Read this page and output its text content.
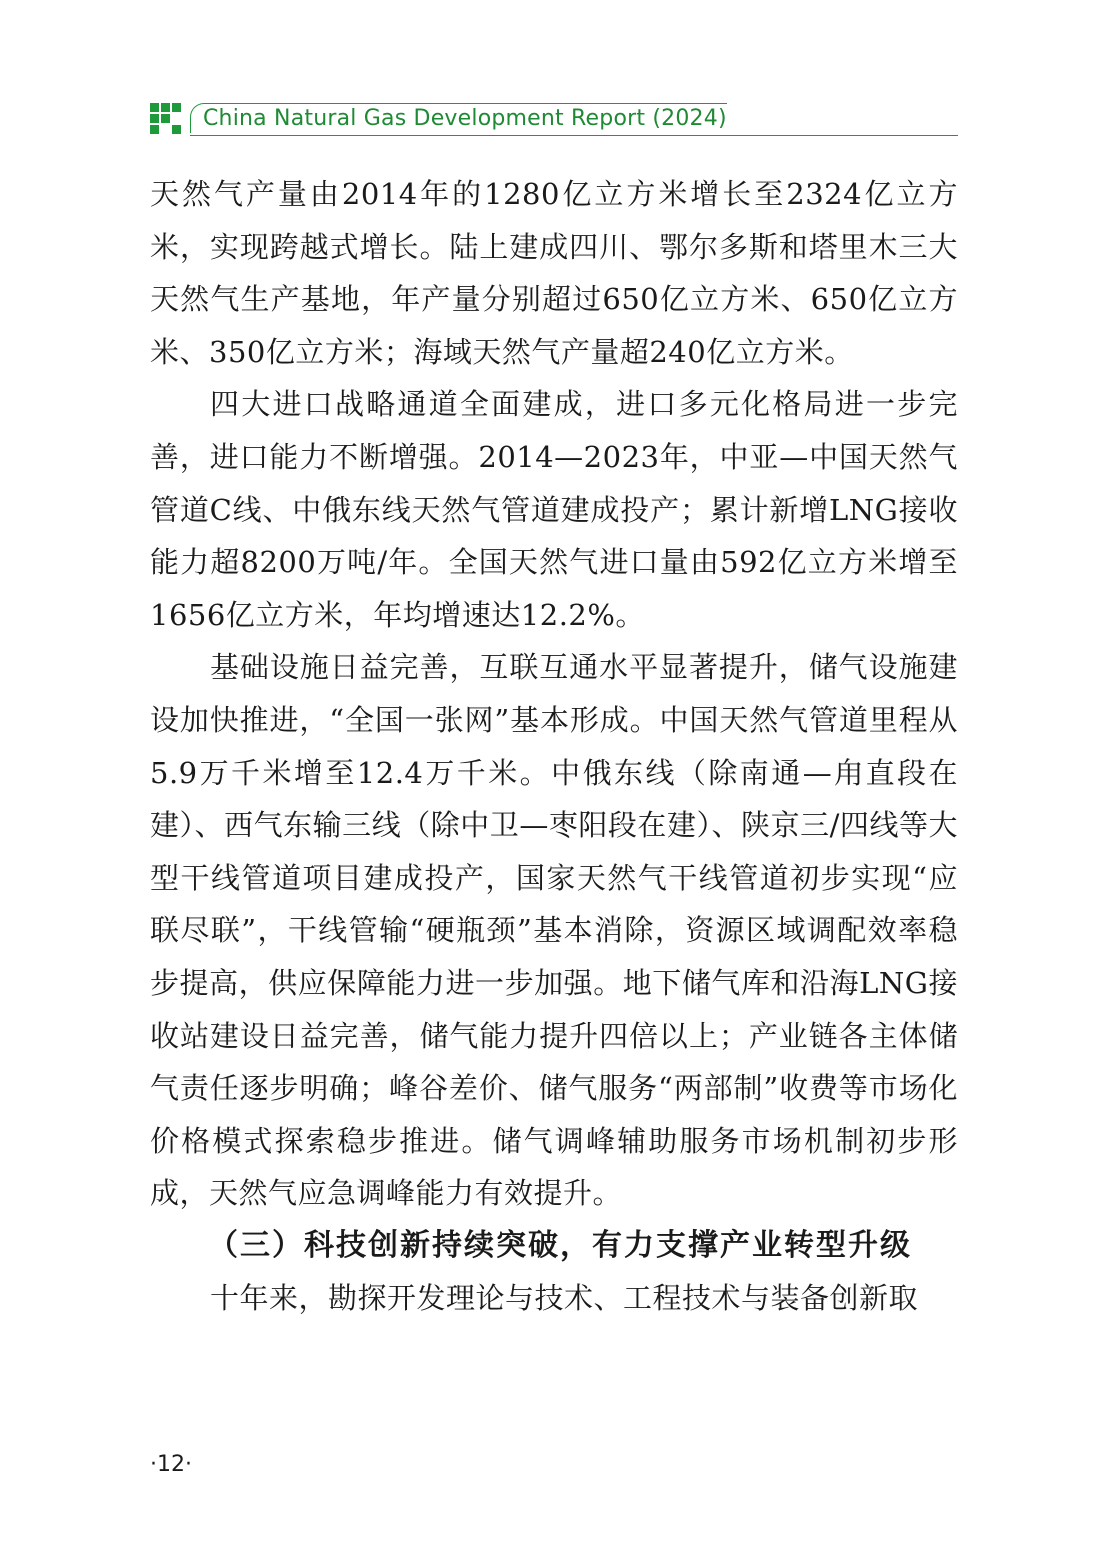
China Natural Gas Development Report (2024)

天然气产量由2014年的1280亿立方米增长至2324亿立方米，实现跨越式增长。陆上建成四川、鄂尔多斯和塔里木三大天然气生产基地，年产量分别超过650亿立方米、650亿立方米、350亿立方米；海域天然气产量超240亿立方米。

四大进口战略通道全面建成，进口多元化格局进一步完善，进口能力不断增强。2014—2023年，中亚—中国天然气管道C线、中俄东线天然气管道建成投产；累计新增LNG接收能力超8200万吨/年。全国天然气进口量由592亿立方米增至1656亿立方米，年均增速达12.2%。

基础设施日益完善，互联互通水平显著提升，储气设施建设加快推进，“全国一张网”基本形成。中国天然气管道里程从5.9万千米增至12.4万千米。中俄东线（除南通—甪直段在建）、西气东输三线（除中卫—枣阳段在建）、陕京三/四线等大型干线管道项目建成投产，国家天然气干线管道初步实现“应联尽联”，干线管输“硬瓶颈”基本消除，资源区域调配效率稳步提高，供应保障能力进一步加强。地下储气库和沿海LNG接收站建设日益完善，储气能力提升四倍以上；产业链各主体储气责任逐步明确；峰谷差价、储气服务“两部制”收费等市场化价格模式探索稳步推进。储气调峰辅助服务市场机制初步形成，天然气应急调峰能力有效提升。

（三）科技创新持续突破，有力支撑产业转型升级

十年来，勘探开发理论与技术、工程技术与装备创新取

·12·
